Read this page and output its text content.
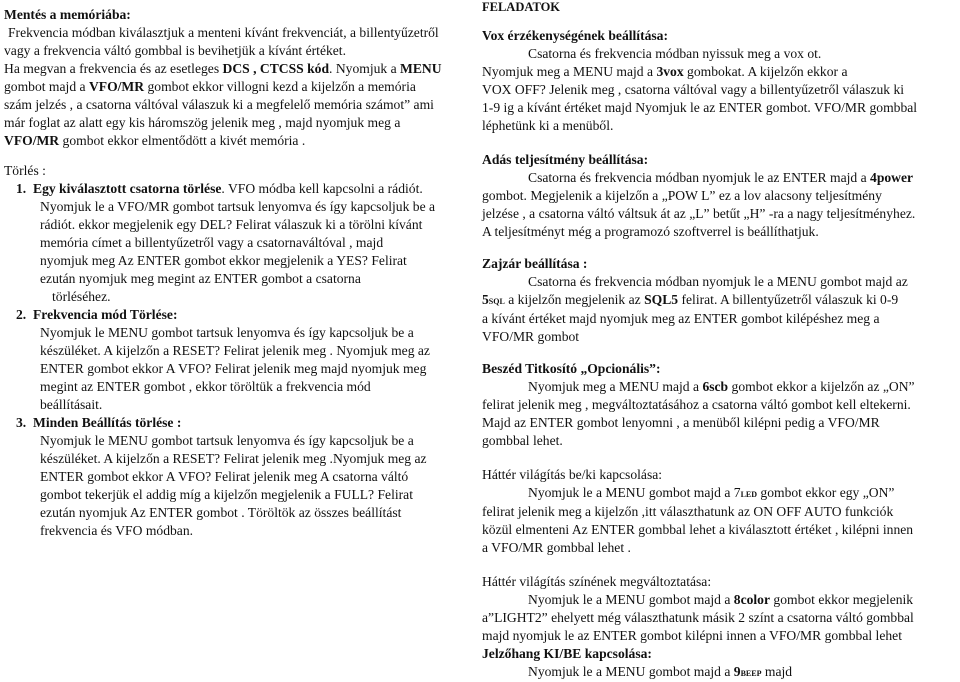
Mentés a memóriába:

Frekvencia módban kiválasztjuk a menteni kívánt frekvenciát, a billentyűzetről

vagy a frekvencia váltó gombbal is bevihetjük a kívánt értéket.

Ha megvan a frekvencia és az esetleges DCS , CTCSS kód. Nyomjuk a MENU

gombot majd a VFO/MR gombot ekkor villogni kezd a kijelzőn a memória

szám jelzés , a csatorna váltóval válaszuk ki a megfelelő memória számot” ami

már foglat az alatt egy kis háromszög jelenik meg , majd nyomjuk meg a

VFO/MR gombot ekkor elmentődött a kivét memória .

Törlés :

1. Egy kiválasztott csatorna törlése. VFO módba kell kapcsolni a rádiót.

Nyomjuk le a VFO/MR gombot tartsuk lenyomva és így kapcsoljuk be a

rádiót. ekkor megjelenik egy DEL? Felirat válaszuk ki a törölni kívánt

memória címet a billentyűzetről vagy a csatornaváltóval , majd

nyomjuk meg Az ENTER gombot ekkor megjelenik a YES? Felirat

ezután nyomjuk meg megint az ENTER gombot a csatorna

törléséhez.

2. Frekvencia mód Törlése:

Nyomjuk le MENU gombot tartsuk lenyomva és így kapcsoljuk be a

készüléket. A kijelzőn a RESET? Felirat jelenik meg . Nyomjuk meg az

ENTER gombot ekkor A VFO? Felirat jelenik meg majd nyomjuk meg

megint az ENTER gombot , ekkor töröltük a frekvencia mód

beállításait.

3. Minden Beállítás törlése :

Nyomjuk le MENU gombot tartsuk lenyomva és így kapcsoljuk be a

készüléket. A kijelzőn a RESET? Felirat jelenik meg .Nyomjuk meg az

ENTER gombot ekkor A VFO? Felirat jelenik meg A csatorna váltó

gombot tekerjük el addig míg a kijelzőn megjelenik a FULL? Felirat

ezután nyomjuk Az ENTER gombot . Töröltök az összes beállítást

frekvencia és VFO módban.

FELADATOK

Vox érzékenységének beállítása:

Csatorna és frekvencia módban nyissuk meg a vox ot.

Nyomjuk meg a MENU majd a 3vox gombokat. A kijelzőn ekkor a

VOX OFF? Jelenik meg , csatorna váltóval vagy a billentyűzetről válaszuk ki

1-9 ig a kívánt értéket majd Nyomjuk le az ENTER gombot. VFO/MR gombbal

léphetünk ki a menüből.

Adás teljesítmény beállítása:

Csatorna és frekvencia módban nyomjuk le az ENTER majd a 4power

gombot. Megjelenik a kijelzőn a „POW L” ez a lov alacsony teljesítmény

jelzése , a csatorna váltó váltsuk át az „L” betűt „H” -ra a nagy teljesítményhez.

A teljesítményt még a programozó szoftverrel is beállíthatjuk.

Zajzár beállítása :

Csatorna és frekvencia módban nyomjuk le a MENU gombot majd az

5sql a kijelzőn megjelenik az SQL5 felirat. A billentyűzetről válaszuk ki 0-9

a kívánt értéket majd nyomjuk meg az ENTER gombot kilépéshez meg a

VFO/MR gombot

Beszéd Titkosító „Opcionális”:

Nyomjuk meg a MENU majd a 6scb gombot ekkor a kijelzőn az „ON”

felirat jelenik meg , megváltoztatásához a csatorna váltó gombot kell eltekerni.

Majd az ENTER gombot lenyomni , a menüből kilépni pedig a VFO/MR

gombbal lehet.

Háttér világítás be/ki kapcsolása:

Nyomjuk le a MENU gombot majd a 7led gombot ekkor egy „ON”

felirat jelenik meg a kijelzőn ,itt választhatunk az ON OFF AUTO funkciók

közül elmenteni Az ENTER gombbal lehet a kiválasztott értéket , kilépni innen

a VFO/MR gombbal lehet .

Háttér világítás színének megváltoztatása:

Nyomjuk le a MENU gombot majd a 8color gombot ekkor megjelenik

a”LIGHT2” ehelyett még választhatunk másik 2 színt a csatorna váltó gombbal

majd nyomjuk le az ENTER gombot kilépni innen a VFO/MR gombbal lehet

Jelzőhang KI/BE kapcsolása:

Nyomjuk le a MENU gombot majd a 9beep majd
